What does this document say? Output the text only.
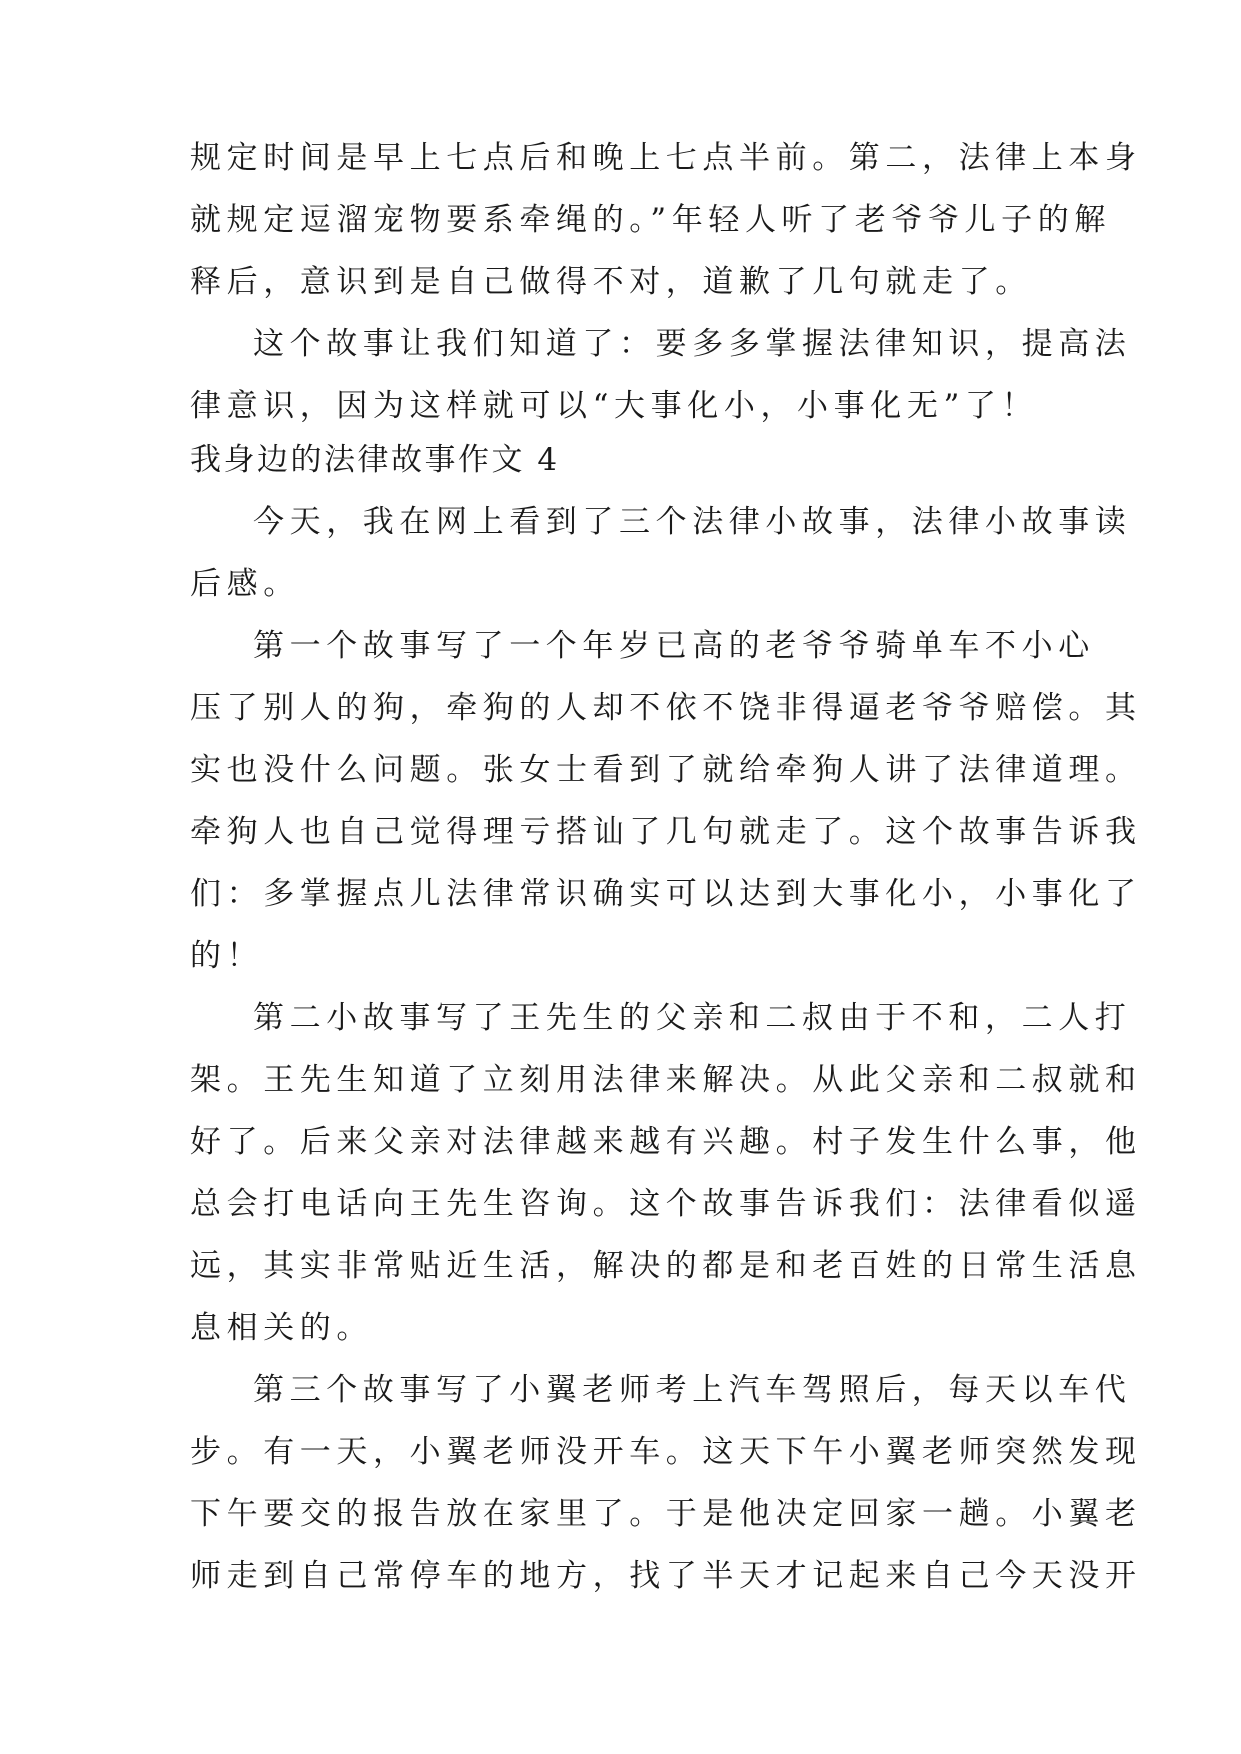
规定时间是早上七点后和晚上七点半前。第二，法律上本身
就规定逗溜宠物要系牵绳的。”年轻人听了老爷爷儿子的解
释后，意识到是自己做得不对，道歉了几句就走了。
这个故事让我们知道了：要多多掌握法律知识，提高法
律意识，因为这样就可以“大事化小，小事化无”了！
我身边的法律故事作文 4
今天，我在网上看到了三个法律小故事，法律小故事读
后感。
第一个故事写了一个年岁已高的老爷爷骑单车不小心
压了别人的狗，牵狗的人却不依不饶非得逼老爷爷赔偿。其
实也没什么问题。张女士看到了就给牵狗人讲了法律道理。
牵狗人也自己觉得理亏搭讪了几句就走了。这个故事告诉我
们：多掌握点儿法律常识确实可以达到大事化小，小事化了
的！
第二小故事写了王先生的父亲和二叔由于不和，二人打
架。王先生知道了立刻用法律来解决。从此父亲和二叔就和
好了。后来父亲对法律越来越有兴趣。村子发生什么事，他
总会打电话向王先生咨询。这个故事告诉我们：法律看似遥
远，其实非常贴近生活，解决的都是和老百姓的日常生活息
息相关的。
第三个故事写了小翼老师考上汽车驾照后，每天以车代
步。有一天，小翼老师没开车。这天下午小翼老师突然发现
下午要交的报告放在家里了。于是他决定回家一趟。小翼老
师走到自己常停车的地方，找了半天才记起来自己今天没开
